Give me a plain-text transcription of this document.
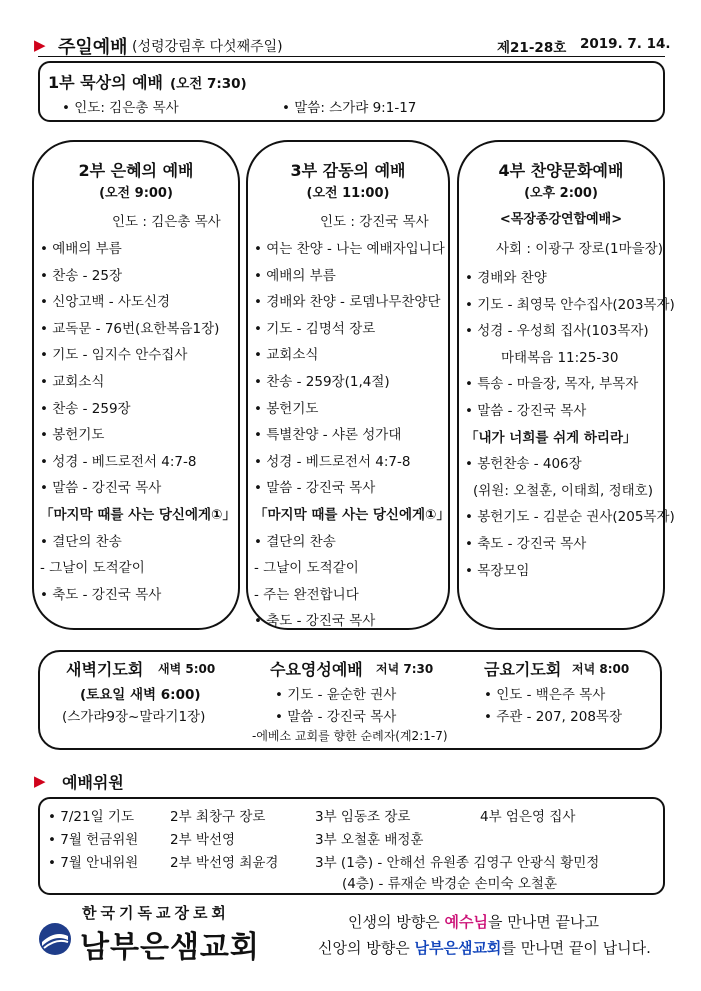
▶ 주일예배 (성령강림후 다섯째주일)	제21-28호 2019. 7. 14.
1부 묵상의 예배 (오전 7:30)
• 인도: 김은총 목사	• 말씀: 스가랴 9:1-17
2부 은혜의 예배
(오전 9:00)
인도 : 김은총 목사
• 예배의 부름
• 찬송 - 25장
• 신앙고백 - 사도신경
• 교독문 - 76번(요한복음1장)
• 기도 - 임지수 안수집사
• 교회소식
• 찬송 - 259장
• 봉헌기도
• 성경 - 베드로전서 4:7-8
• 말씀 - 강진국 목사
「마지막 때를 사는 당신에게①」
• 결단의 찬송
- 그날이 도적같이
• 축도 - 강진국 목사
3부 감동의 예배
(오전 11:00)
인도 : 강진국 목사
• 여는 찬양 - 나는 예배자입니다
• 예배의 부름
• 경배와 찬양 - 로뎀나무찬양단
• 기도 - 김명석 장로
• 교회소식
• 찬송 - 259장(1,4절)
• 봉헌기도
• 특별찬양 - 샤론 성가대
• 성경 - 베드로전서 4:7-8
• 말씀 - 강진국 목사
「마지막 때를 사는 당신에게①」
• 결단의 찬송
- 그날이 도적같이
- 주는 완전합니다
• 축도 - 강진국 목사
4부 찬양문화예배
(오후 2:00)
<목장종강연합예배>
사회 : 이광구 장로(1마을장)
• 경배와 찬양
• 기도 - 최영묵 안수집사(203목자)
• 성경 - 우성희 집사(103목자)
마태복음 11:25-30
• 특송 - 마을장, 목자, 부목자
• 말씀 - 강진국 목사
「내가 너희를 쉬게 하리라」
• 봉헌찬송 - 406장
(위원: 오철훈, 이태희, 정태호)
• 봉헌기도 - 김분순 권사(205목자)
• 축도 - 강진국 목사
• 목장모임
새벽기도회 새벽 5:00
(토요일 새벽 6:00)
(스가랴9장~말라기1장)
수요영성예배 저녁 7:30
• 기도 - 윤순한 권사
• 말씀 - 강진국 목사
-에베소 교회를 향한 순례자(계2:1-7)
금요기도회 저녁 8:00
• 인도 - 백은주 목사
• 주관 - 207, 208목장
▶ 예배위원
• 7/21일 기도	2부 최창구 장로	3부 임동조 장로	4부 엄은영 집사
• 7월 헌금위원 2부 박선영	3부 오철훈 배정훈
• 7월 안내위원 2부 박선영 최윤경	3부 (1층) - 안해선 유원종 김영구 안광식 황민정
(4층) - 류재순 박경순 손미숙 오철훈
한국기독교장로회
남부은샘교회
인생의 방향은 예수님을 만나면 끝나고
신앙의 방향은 남부은샘교회를 만나면 끝이 납니다.
